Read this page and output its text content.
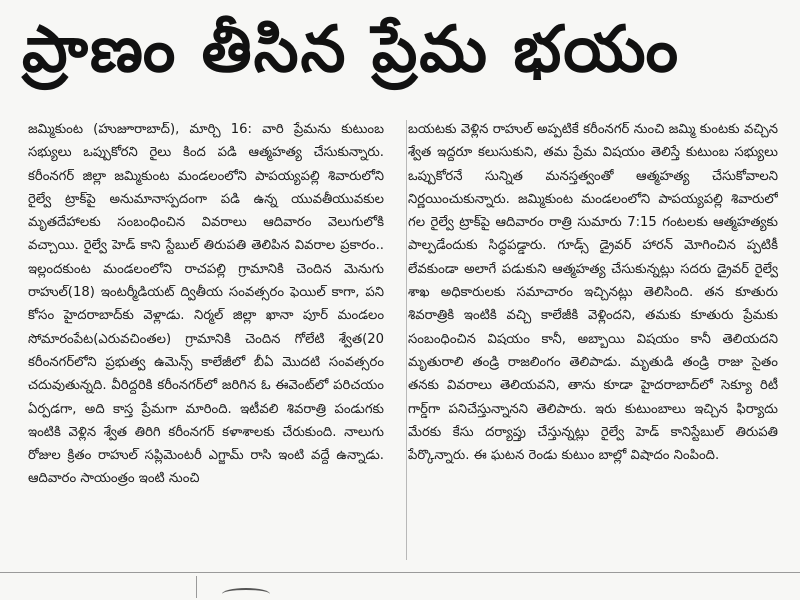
ప్రాణం తీసిన ప్రేమ భయం
జమ్మికుంట (హుజూరాబాద్), మార్చి 16: వారి ప్రేమను కుటుంబ సభ్యులు ఒప్పుకోరని రైలు కింద పడి ఆత్మహత్య చేసుకున్నారు. కరీంనగర్ జిల్లా జమ్మికుంట మండలంలోని పాపయ్యపల్లి శివారులోని రైల్వే ట్రాక్‌పై అనుమానాస్పదంగా పడి ఉన్న యువతీయువకుల మృతదేహాలకు సంబంధించిన వివరాలు ఆదివారం వెలుగులోకి వచ్చాయి. రైల్వే హెడ్ కాని స్టేబుల్ తిరుపతి తెలిపిన వివరాల ప్రకారం.. ఇల్లందకుంట మండలంలోని రాచపల్లి గ్రామానికి చెందిన మెనుగు రాహుల్(18) ఇంటర్మీడియట్ ద్వితీయ సంవత్సరం ఫెయిల్ కాగా, పని కోసం హైదరాబాద్‌కు వెళ్లాడు. నిర్మల్ జిల్లా ఖానా పూర్ మండలం సోమారంపేట(ఎరువచింతల) గ్రామానికి చెందిన గోలేటి శ్వేత(20 కరీంనగర్‌లోని ప్రభుత్వ ఉమెన్స్ కాలేజీలో బీఏ మొదటి సంవత్సరం చదువుతున్నది. వీరిద్దరికి కరీంనగర్‌లో జరిగిన ఓ ఈవెంట్‌లో పరిచయం ఏర్పడగా, అది కాస్త ప్రేమగా మారింది. ఇటీవలి శివరాత్రి పండుగకు ఇంటికి వెళ్లిన శ్వేత తిరిగి కరీంనగర్ కళాశాలకు చేరుకుంది. నాలుగు రోజుల క్రితం రాహుల్ సప్లిమెంటరీ ఎగ్జామ్ రాసి ఇంటి వద్దే ఉన్నాడు. ఆదివారం సాయంత్రం ఇంటి నుంచి
బయటకు వెళ్లిన రాహుల్ అప్పటికే కరీంనగర్ నుంచి జమ్మి కుంటకు వచ్చిన శ్వేత ఇద్దరూ కలుసుకుని, తమ ప్రేమ విషయం తెలిస్తే కుటుంబ సభ్యులు ఒప్పుకోరనే సున్నిత మనస్తత్వంతో ఆత్మహత్య చేసుకోవాలని నిర్ణయించుకున్నారు. జమ్మికుంట మండలంలోని పాపయ్యపల్లి శివారులో గల రైల్వే ట్రాక్‌పై ఆదివారం రాత్రి సుమారు 7:15 గంటలకు ఆత్మహత్యకు పాల్పడేందుకు సిద్ధపడ్డారు. గూడ్స్ డ్రైవర్ హారన్ మోగించిన ప్పటికీ లేవకుండా అలాగే పడుకుని ఆత్మహత్య చేసుకున్నట్లు సదరు డ్రైవర్ రైల్వే శాఖ అధికారులకు సమాచారం ఇచ్చినట్లు తెలిసింది. తన కూతురు శివరాత్రికి ఇంటికి వచ్చి కాలేజీకి వెళ్లిందని, తమకు కూతురు ప్రేమకు సంబంధించిన విషయం కానీ, అబ్బాయి విషయం కానీ తెలియదని మృతురాలి తండ్రి రాజలింగం తెలిపాడు. మృతుడి తండ్రి రాజు సైతం తనకు వివరాలు తెలియవని, తాను కూడా హైదరాబాద్‌లో సెక్యూ రిటీ గార్డ్‌గా పనిచేస్తున్నానని తెలిపారు. ఇరు కుటుంబాలు ఇచ్చిన ఫిర్యాదు మేరకు కేసు దర్యాప్తు చేస్తున్నట్లు రైల్వే హెడ్ కానిస్టేబుల్ తిరుపతి పేర్కొన్నారు. ఈ ఘటన రెండు కుటుం బాల్లో విషాదం నింపింది.
